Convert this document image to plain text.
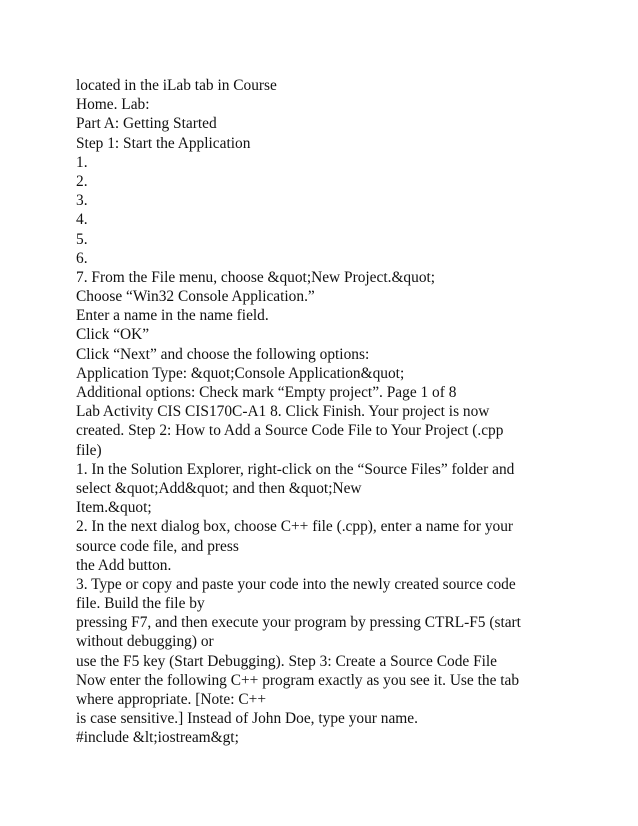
located in the iLab tab in Course
Home. Lab:
Part A: Getting Started
Step 1: Start the Application
1.
2.
3.
4.
5.
6.
7. From the File menu, choose &quot;New Project.&quot;
Choose “Win32 Console Application.”
Enter a name in the name field.
Click “OK”
Click “Next” and choose the following options:
Application Type: &quot;Console Application&quot;
Additional options: Check mark “Empty project”. Page 1 of 8
Lab Activity CIS CIS170C-A1 8. Click Finish. Your project is now
created. Step 2: How to Add a Source Code File to Your Project (.cpp
file)
1. In the Solution Explorer, right-click on the “Source Files” folder and
select &quot;Add&quot; and then &quot;New
Item.&quot;
2. In the next dialog box, choose C++ file (.cpp), enter a name for your
source code file, and press
the Add button.
3. Type or copy and paste your code into the newly created source code
file. Build the file by
pressing F7, and then execute your program by pressing CTRL-F5 (start
without debugging) or
use the F5 key (Start Debugging). Step 3: Create a Source Code File
Now enter the following C++ program exactly as you see it. Use the tab
where appropriate. [Note: C++
is case sensitive.] Instead of John Doe, type your name.
#include &lt;iostream&gt;
